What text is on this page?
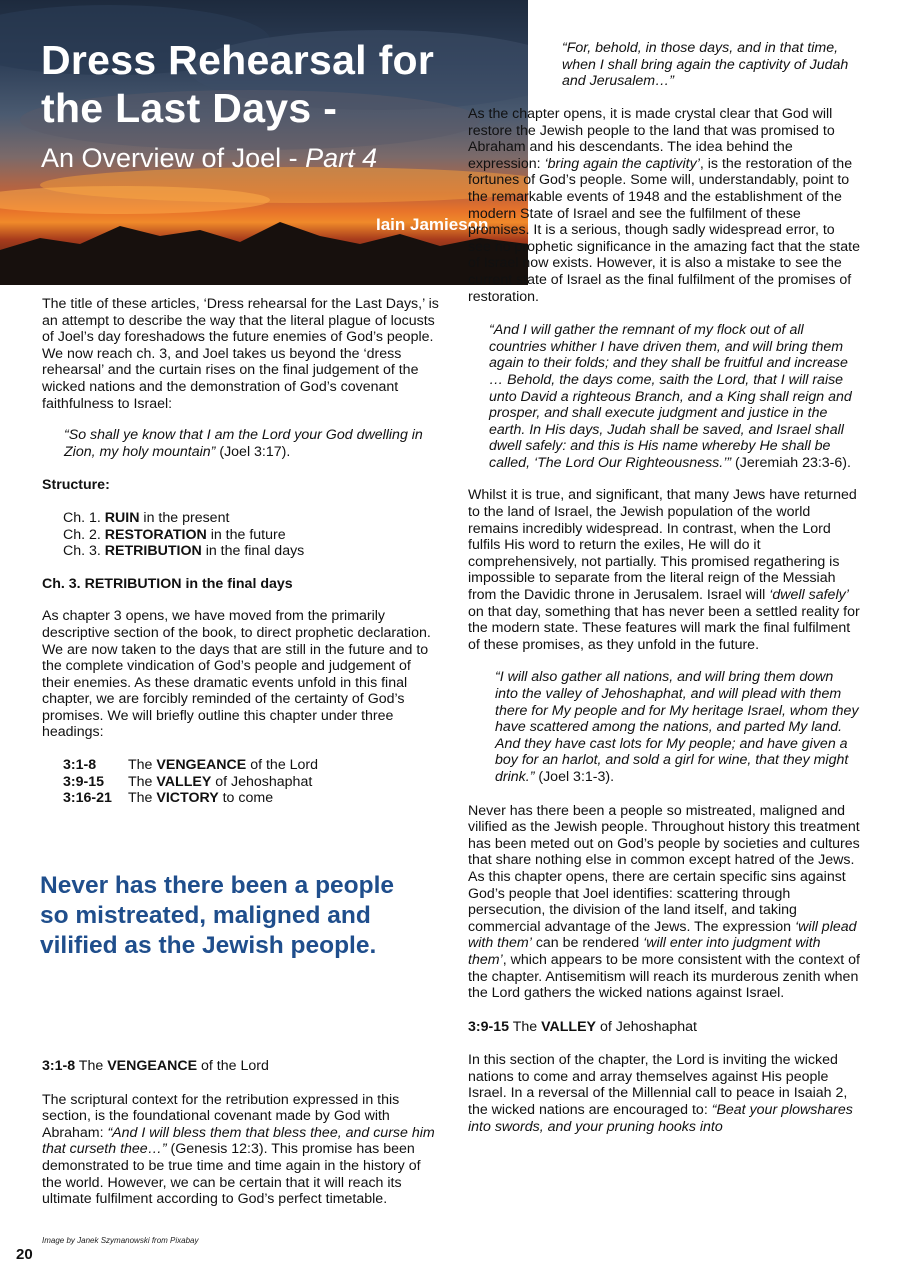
Dress Rehearsal for
the Last Days -
An Overview of Joel - Part 4
Iain Jamieson

The title of these articles, ‘Dress rehearsal for the Last Days,’ is an attempt to describe the way that the literal plague of locusts of Joel’s day foreshadows the future enemies of God’s people. We now reach ch. 3, and Joel takes us beyond the ‘dress rehearsal’ and the curtain rises on the final judgement of the wicked nations and the demonstration of God’s covenant faithfulness to Israel:

“So shall ye know that I am the Lord your God dwelling in Zion, my holy mountain” (Joel 3:17).

Structure:

Ch. 1. RUIN in the present
Ch. 2. RESTORATION in the future
Ch. 3. RETRIBUTION in the final days

Ch. 3. RETRIBUTION in the final days

As chapter 3 opens, we have moved from the primarily descriptive section of the book, to direct prophetic declaration. We are now taken to the days that are still in the future and to the complete vindication of God’s people and judgement of their enemies. As these dramatic events unfold in this final chapter, we are forcibly reminded of the certainty of God’s promises. We will briefly outline this chapter under three headings:

3:1-8 The VENGEANCE of the Lord
3:9-15 The VALLEY of Jehoshaphat
3:16-21 The VICTORY to come

Never has there been a people so mistreated, maligned and vilified as the Jewish people.

3:1-8 The VENGEANCE of the Lord

The scriptural context for the retribution expressed in this section, is the foundational covenant made by God with Abraham: “And I will bless them that bless thee, and curse him that curseth thee…” (Genesis 12:3). This promise has been demonstrated to be true time and time again in the history of the world. However, we can be certain that it will reach its ultimate fulfilment according to God’s perfect timetable.

“For, behold, in those days, and in that time, when I shall bring again the captivity of Judah and Jerusalem…”

As the chapter opens, it is made crystal clear that God will restore the Jewish people to the land that was promised to Abraham and his descendants. The idea behind the expression: ‘bring again the captivity’, is the restoration of the fortunes of God’s people. Some will, understandably, point to the remarkable events of 1948 and the establishment of the modern State of Israel and see the fulfilment of these promises. It is a serious, though sadly widespread error, to see no prophetic significance in the amazing fact that the state of Israel now exists. However, it is also a mistake to see the current state of Israel as the final fulfilment of the promises of restoration.

“And I will gather the remnant of my flock out of all countries whither I have driven them, and will bring them again to their folds; and they shall be fruitful and increase … Behold, the days come, saith the Lord, that I will raise unto David a righteous Branch, and a King shall reign and prosper, and shall execute judgment and justice in the earth. In His days, Judah shall be saved, and Israel shall dwell safely: and this is His name whereby He shall be called, ‘The Lord Our Righteousness.’” (Jeremiah 23:3-6).

Whilst it is true, and significant, that many Jews have returned to the land of Israel, the Jewish population of the world remains incredibly widespread. In contrast, when the Lord fulfils His word to return the exiles, He will do it comprehensively, not partially. This promised regathering is impossible to separate from the literal reign of the Messiah from the Davidic throne in Jerusalem. Israel will ‘dwell safely’ on that day, something that has never been a settled reality for the modern state. These features will mark the final fulfilment of these promises, as they unfold in the future.

“I will also gather all nations, and will bring them down into the valley of Jehoshaphat, and will plead with them there for My people and for My heritage Israel, whom they have scattered among the nations, and parted My land. And they have cast lots for My people; and have given a boy for an harlot, and sold a girl for wine, that they might drink.” (Joel 3:1-3).

Never has there been a people so mistreated, maligned and vilified as the Jewish people. Throughout history this treatment has been meted out on God’s people by societies and cultures that share nothing else in common except hatred of the Jews. As this chapter opens, there are certain specific sins against God’s people that Joel identifies: scattering through persecution, the division of the land itself, and taking commercial advantage of the Jews. The expression ‘will plead with them’ can be rendered ‘will enter into judgment with them’, which appears to be more consistent with the context of the chapter. Antisemitism will reach its murderous zenith when the Lord gathers the wicked nations against Israel.

3:9-15 The VALLEY of Jehoshaphat

In this section of the chapter, the Lord is inviting the wicked nations to come and array themselves against His people Israel. In a reversal of the Millennial call to peace in Isaiah 2, the wicked nations are encouraged to: “Beat your plowshares into swords, and your pruning hooks into

Image by Janek Szymanowski from Pixabay
20
